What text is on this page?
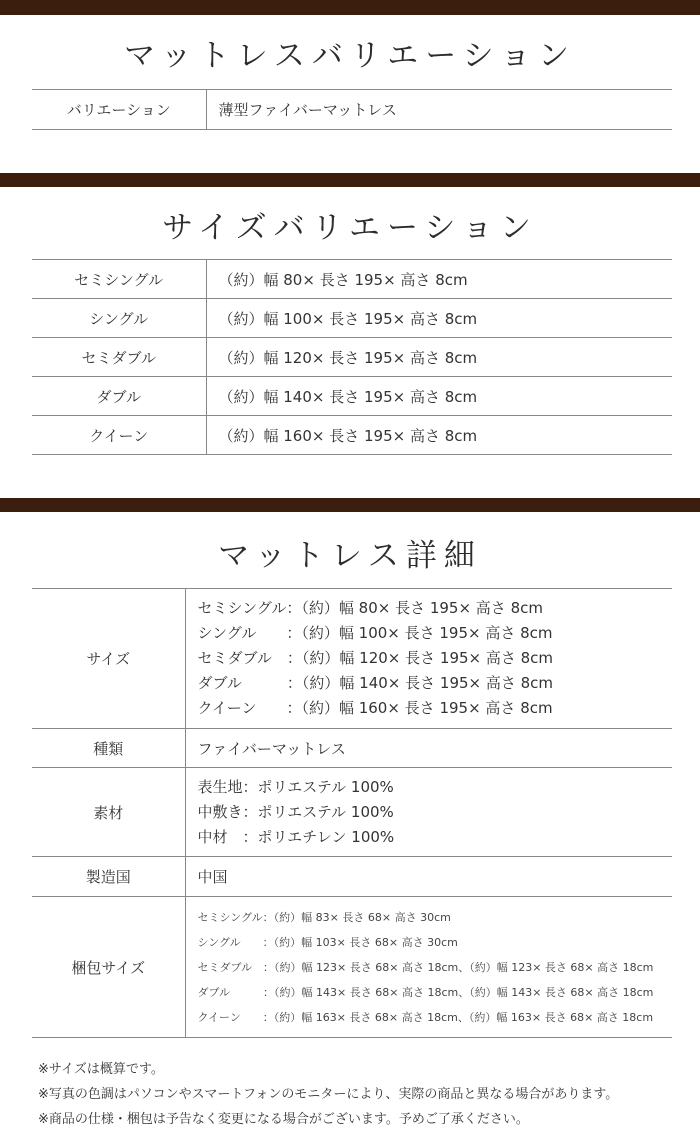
マットレスバリエーション
バリエーション	薄型ファイバーマットレス
サイズバリエーション
セミシングル	（約）幅 80× 長さ 195× 高さ 8cm
シングル	（約）幅 100× 長さ 195× 高さ 8cm
セミダブル	（約）幅 120× 長さ 195× 高さ 8cm
ダブル	（約）幅 140× 長さ 195× 高さ 8cm
クイーン	（約）幅 160× 長さ 195× 高さ 8cm
マットレス詳細
サイズ	セミシングル：（約）幅 80× 長さ 195× 高さ 8cm
シングル　　：（約）幅 100× 長さ 195× 高さ 8cm
セミダブル　：（約）幅 120× 長さ 195× 高さ 8cm
ダブル　　　：（約）幅 140× 長さ 195× 高さ 8cm
クイーン　　：（約）幅 160× 長さ 195× 高さ 8cm

種類	ファイバーマットレス
素材	表生地：ポリエステル 100%
中敷き：ポリエステル 100%
中材　：ポリエチレン 100%

製造国	中国
梱包サイズ	セミシングル：（約）幅 83× 長さ 68× 高さ 30cm
シングル　　：（約）幅 103× 長さ 68× 高さ 30cm
セミダブル　：（約）幅 123× 長さ 68× 高さ 18cm、（約）幅 123× 長さ 68× 高さ 18cm
ダブル　　　：（約）幅 143× 長さ 68× 高さ 18cm、（約）幅 143× 長さ 68× 高さ 18cm
クイーン　　：（約）幅 163× 長さ 68× 高さ 18cm、（約）幅 163× 長さ 68× 高さ 18cm
※サイズは概算です。
※写真の色調はパソコンやスマートフォンのモニターにより、実際の商品と異なる場合があります。
※商品の仕様・梱包は予告なく変更になる場合がございます。予めご了承ください。
